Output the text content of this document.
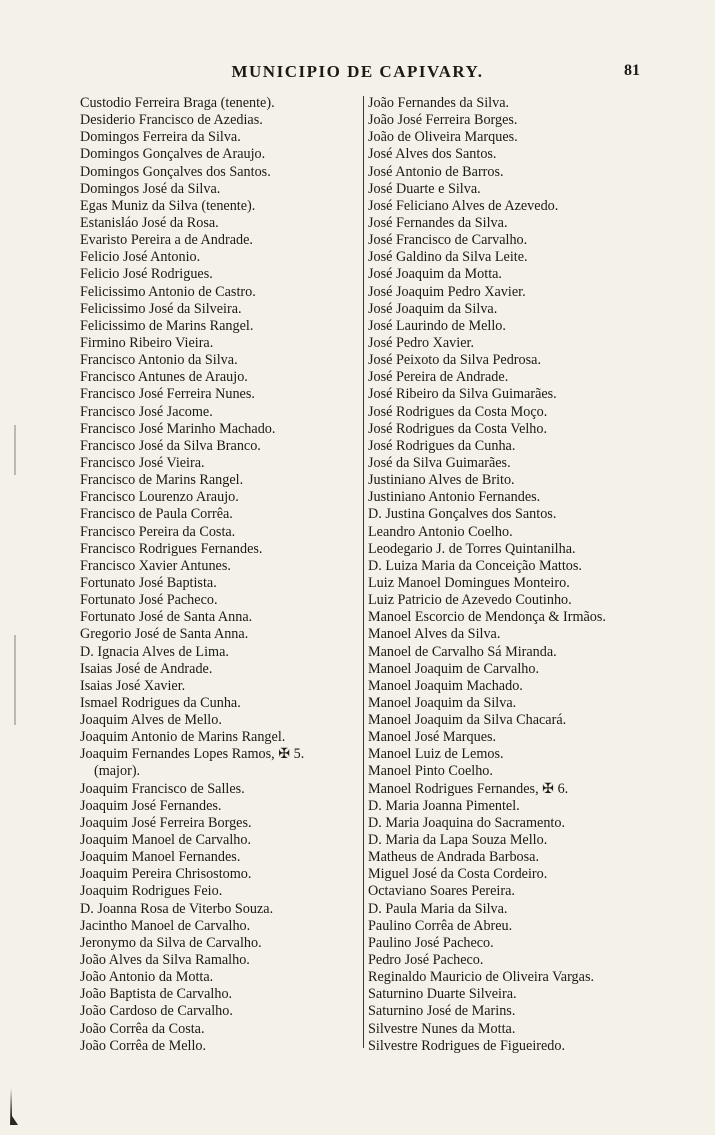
MUNICIPIO DE CAPIVARY.	81
Custodio Ferreira Braga (tenente).
Desiderio Francisco de Azedias.
Domingos Ferreira da Silva.
Domingos Gonçalves de Araujo.
Domingos Gonçalves dos Santos.
Domingos José da Silva.
Egas Muniz da Silva (tenente).
Estanisláo José da Rosa.
Evaristo Pereira a de Andrade.
Felicio José Antonio.
Felicio José Rodrigues.
Felicissimo Antonio de Castro.
Felicissimo José da Silveira.
Felicissimo de Marins Rangel.
Firmino Ribeiro Vieira.
Francisco Antonio da Silva.
Francisco Antunes de Araujo.
Francisco José Ferreira Nunes.
Francisco José Jacome.
Francisco José Marinho Machado.
Francisco José da Silva Branco.
Francisco José Vieira.
Francisco de Marins Rangel.
Francisco Lourenzo Araujo.
Francisco de Paula Corrêa.
Francisco Pereira da Costa.
Francisco Rodrigues Fernandes.
Francisco Xavier Antunes.
Fortunato José Baptista.
Fortunato José Pacheco.
Fortunato José de Santa Anna.
Gregorio José de Santa Anna.
D. Ignacia Alves de Lima.
Isaias José de Andrade.
Isaias José Xavier.
Ismael Rodrigues da Cunha.
Joaquim Alves de Mello.
Joaquim Antonio de Marins Rangel.
Joaquim Fernandes Lopes Ramos, ✠ 5.
(major).
Joaquim Francisco de Salles.
Joaquim José Fernandes.
Joaquim José Ferreira Borges.
Joaquim Manoel de Carvalho.
Joaquim Manoel Fernandes.
Joaquim Pereira Chrisostomo.
Joaquim Rodrigues Feio.
D. Joanna Rosa de Viterbo Souza.
Jacintho Manoel de Carvalho.
Jeronymo da Silva de Carvalho.
João Alves da Silva Ramalho.
João Antonio da Motta.
João Baptista de Carvalho.
João Cardoso de Carvalho.
João Corrêa da Costa.
João Corrêa de Mello.
João Fernandes da Silva.
João José Ferreira Borges.
João de Oliveira Marques.
José Alves dos Santos.
José Antonio de Barros.
José Duarte e Silva.
José Feliciano Alves de Azevedo.
José Fernandes da Silva.
José Francisco de Carvalho.
José Galdino da Silva Leite.
José Joaquim da Motta.
José Joaquim Pedro Xavier.
José Joaquim da Silva.
José Laurindo de Mello.
José Pedro Xavier.
José Peixoto da Silva Pedrosa.
José Pereira de Andrade.
José Ribeiro da Silva Guimarães.
José Rodrigues da Costa Moço.
José Rodrigues da Costa Velho.
José Rodrigues da Cunha.
José da Silva Guimarães.
Justiniano Alves de Brito.
Justiniano Antonio Fernandes.
D. Justina Gonçalves dos Santos.
Leandro Antonio Coelho.
Leodegario J. de Torres Quintanilha.
D. Luiza Maria da Conceição Mattos.
Luiz Manoel Domingues Monteiro.
Luiz Patricio de Azevedo Coutinho.
Manoel Escorcio de Mendonça & Irmãos.
Manoel Alves da Silva.
Manoel de Carvalho Sá Miranda.
Manoel Joaquim de Carvalho.
Manoel Joaquim Machado.
Manoel Joaquim da Silva.
Manoel Joaquim da Silva Chacará.
Manoel José Marques.
Manoel Luiz de Lemos.
Manoel Pinto Coelho.
Manoel Rodrigues Fernandes, ✠ 6.
D. Maria Joanna Pimentel.
D. Maria Joaquina do Sacramento.
D. Maria da Lapa Souza Mello.
Matheus de Andrada Barbosa.
Miguel José da Costa Cordeiro.
Octaviano Soares Pereira.
D. Paula Maria da Silva.
Paulino Corrêa de Abreu.
Paulino José Pacheco.
Pedro José Pacheco.
Reginaldo Mauricio de Oliveira Vargas.
Saturnino Duarte Silveira.
Saturnino José de Marins.
Silvestre Nunes da Motta.
Silvestre Rodrigues de Figueiredo.
